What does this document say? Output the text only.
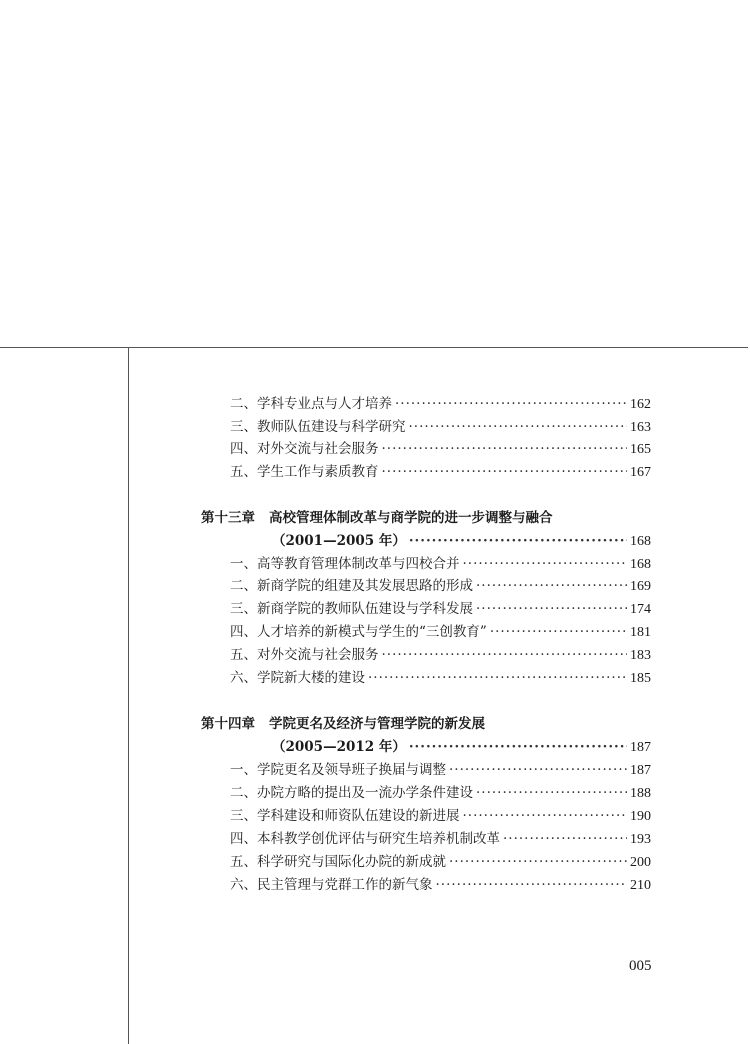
二、学科专业点与人才培养 ·····	162
三、教师队伍建设与科学研究 ·····	163
四、对外交流与社会服务 ·····	165
五、学生工作与素质教育 ·····	167
第十三章 高校管理体制改革与商学院的进一步调整与融合
（2001—2005 年） ·····	168
一、高等教育管理体制改革与四校合并 ·····	168
二、新商学院的组建及其发展思路的形成 ·····	169
三、新商学院的教师队伍建设与学科发展 ·····	174
四、人才培养的新模式与学生的“三创教育” ·····	181
五、对外交流与社会服务 ·····	183
六、学院新大楼的建设 ·····	185
第十四章 学院更名及经济与管理学院的新发展
（2005—2012 年） ·····	187
一、学院更名及领导班子换届与调整 ·····	187
二、办院方略的提出及一流办学条件建设 ·····	188
三、学科建设和师资队伍建设的新进展 ·····	190
四、本科教学创优评估与研究生培养机制改革 ·····	193
五、科学研究与国际化办院的新成就 ·····	200
六、民主管理与党群工作的新气象 ·····	210
005
